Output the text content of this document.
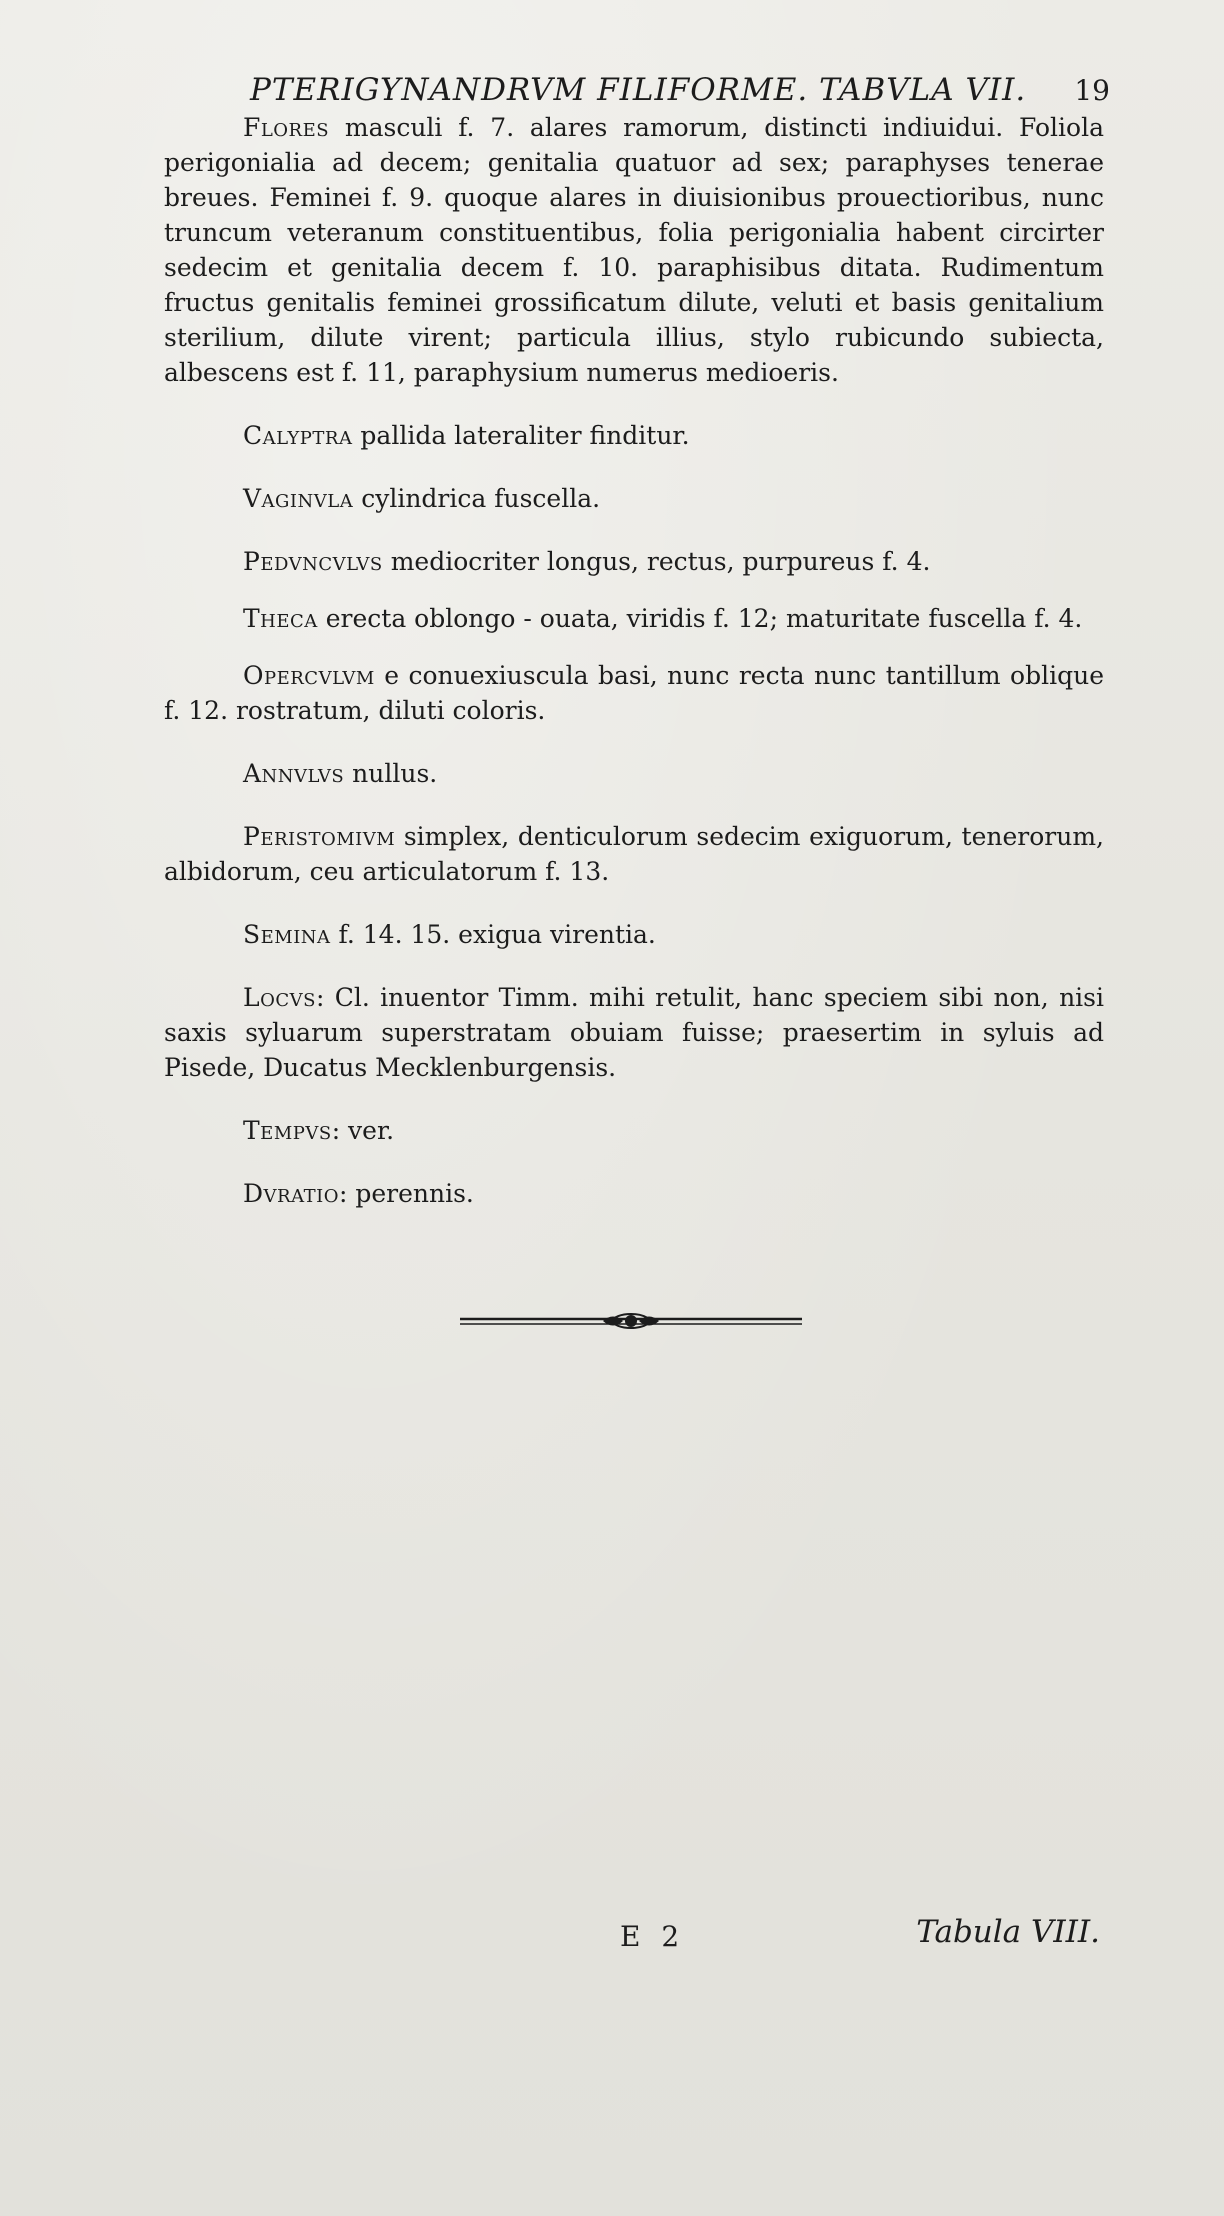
PTERIGYNANDRVM FILIFORME. TABVLA VII. 19

Flores masculi f. 7. alares ramorum, distincti indiuidui. Foliola perigonialia ad decem; genitalia quatuor ad sex; paraphyses tenerae breues. Feminei f. 9. quoque alares in diuisionibus prouectioribus, nunc truncum veteranum constituentibus, folia perigonialia habent circirter sedecim et genitalia decem f. 10. paraphisibus ditata. Rudimentum fructus genitalis feminei grossificatum dilute, veluti et basis genitalium sterilium, dilute virent; particula illius, stylo rubicundo subiecta, albescens est f. 11, paraphysium numerus medioeris.

Calyptra pallida lateraliter finditur.

Vaginvla cylindrica fuscella.

Pedvncvlvs mediocriter longus, rectus, purpureus f. 4.

Theca erecta oblongo - ouata, viridis f. 12; maturitate fuscella f. 4.

Opercvlvm e conuexiuscula basi, nunc recta nunc tantillum oblique f. 12. rostratum, diluti coloris.

Annvlvs nullus.

Peristomivm simplex, denticulorum sedecim exiguorum, tenerorum, albidorum, ceu articulatorum f. 13.

Semina f. 14. 15. exigua virentia.

Locvs: Cl. inuentor Timm. mihi retulit, hanc speciem sibi non, nisi saxis syluarum superstratam obuiam fuisse; praesertim in syluis ad Pisede, Ducatus Mecklenburgensis.

Tempvs: ver.

Dvratio: perennis.

E 2	Tabula VIII.
